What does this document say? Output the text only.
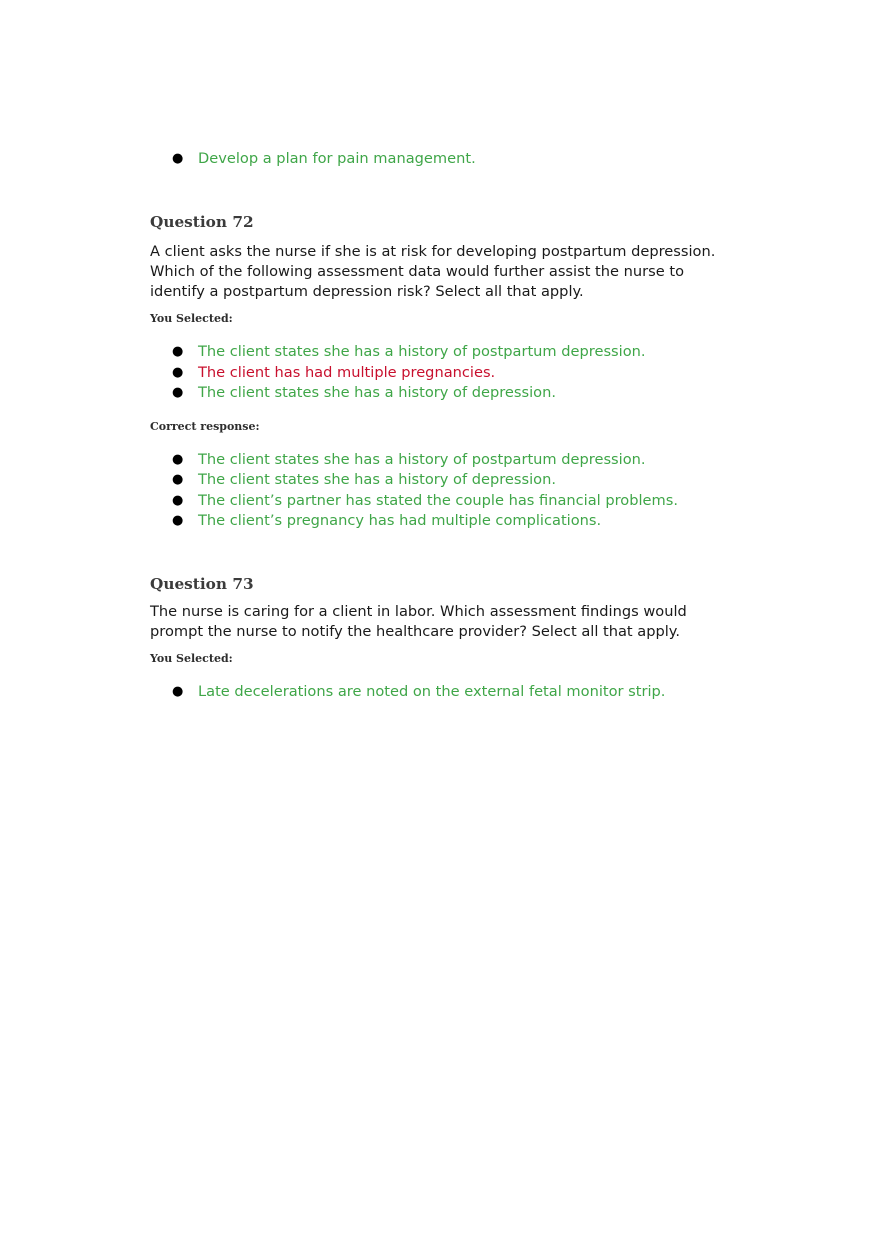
● Develop a plan for pain management.

Question 72

A client asks the nurse if she is at risk for developing postpartum depression. Which of the following assessment data would further assist the nurse to identify a postpartum depression risk? Select all that apply.

You Selected:

● The client states she has a history of postpartum depression.
● The client has had multiple pregnancies.
● The client states she has a history of depression.

Correct response:

● The client states she has a history of postpartum depression.
● The client states she has a history of depression.
● The client’s partner has stated the couple has financial problems.
● The client’s pregnancy has had multiple complications.

Question 73

The nurse is caring for a client in labor. Which assessment findings would prompt the nurse to notify the healthcare provider? Select all that apply.

You Selected:

● Late decelerations are noted on the external fetal monitor strip.
